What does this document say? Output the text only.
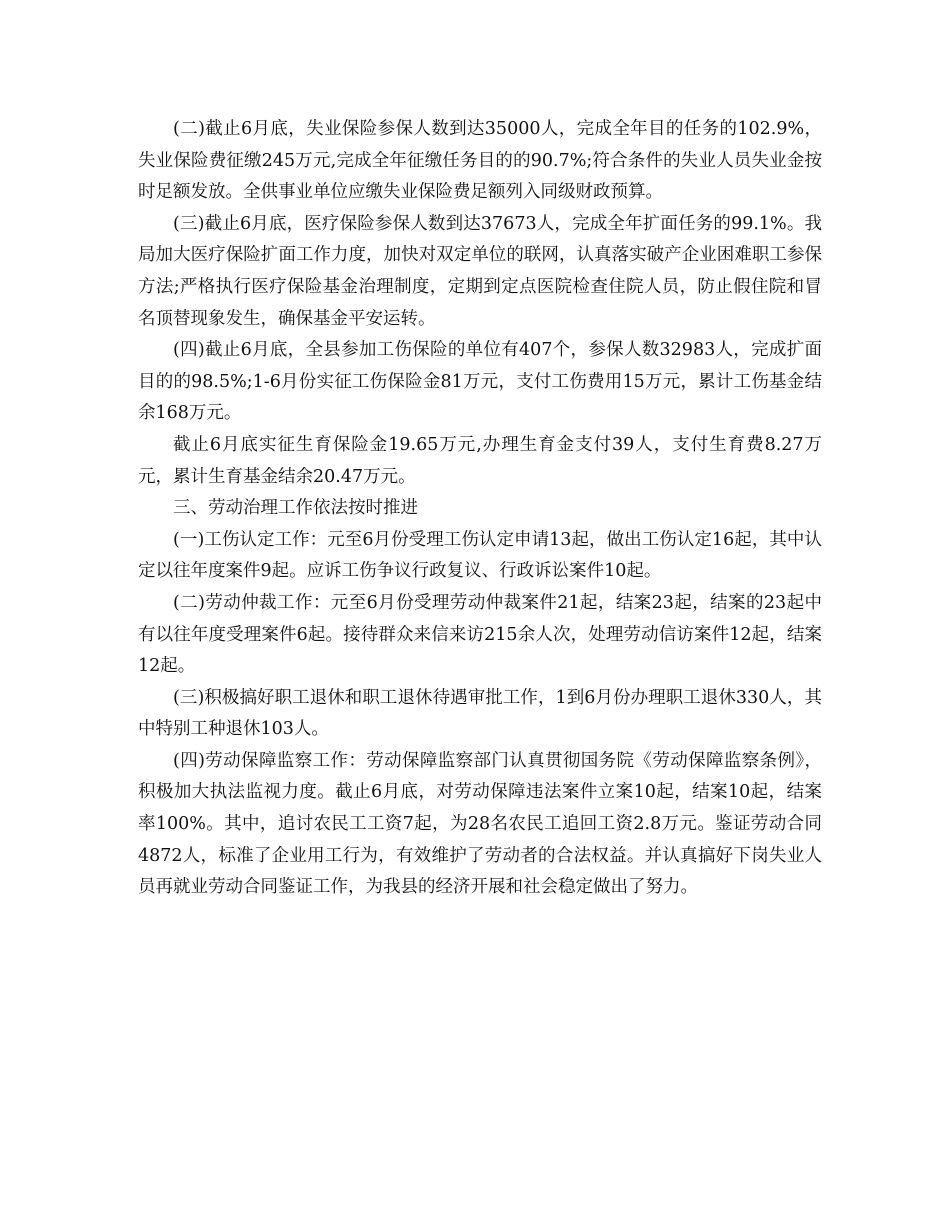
(二)截止6月底，失业保险参保人数到达35000人，完成全年目的任务的102.9%，失业保险费征缴245万元,完成全年征缴任务目的的90.7%;符合条件的失业人员失业金按时足额发放。全供事业单位应缴失业保险费足额列入同级财政预算。

(三)截止6月底，医疗保险参保人数到达37673人，完成全年扩面任务的99.1%。我局加大医疗保险扩面工作力度，加快对双定单位的联网，认真落实破产企业困难职工参保方法;严格执行医疗保险基金治理制度，定期到定点医院检查住院人员，防止假住院和冒名顶替现象发生，确保基金平安运转。

(四)截止6月底，全县参加工伤保险的单位有407个，参保人数32983人，完成扩面目的的98.5%;1-6月份实征工伤保险金81万元，支付工伤费用15万元，累计工伤基金结余168万元。

截止6月底实征生育保险金19.65万元,办理生育金支付39人，支付生育费8.27万元，累计生育基金结余20.47万元。

三、劳动治理工作依法按时推进

(一)工伤认定工作：元至6月份受理工伤认定申请13起，做出工伤认定16起，其中认定以往年度案件9起。应诉工伤争议行政复议、行政诉讼案件10起。

(二)劳动仲裁工作：元至6月份受理劳动仲裁案件21起，结案23起，结案的23起中有以往年度受理案件6起。接待群众来信来访215余人次，处理劳动信访案件12起，结案12起。

(三)积极搞好职工退休和职工退休待遇审批工作，1到6月份办理职工退休330人，其中特别工种退休103人。

(四)劳动保障监察工作：劳动保障监察部门认真贯彻国务院《劳动保障监察条例》，积极加大执法监视力度。截止6月底，对劳动保障违法案件立案10起，结案10起，结案率100%。其中，追讨农民工工资7起，为28名农民工追回工资2.8万元。鉴证劳动合同4872人，标准了企业用工行为，有效维护了劳动者的合法权益。并认真搞好下岗失业人员再就业劳动合同鉴证工作，为我县的经济开展和社会稳定做出了努力。
